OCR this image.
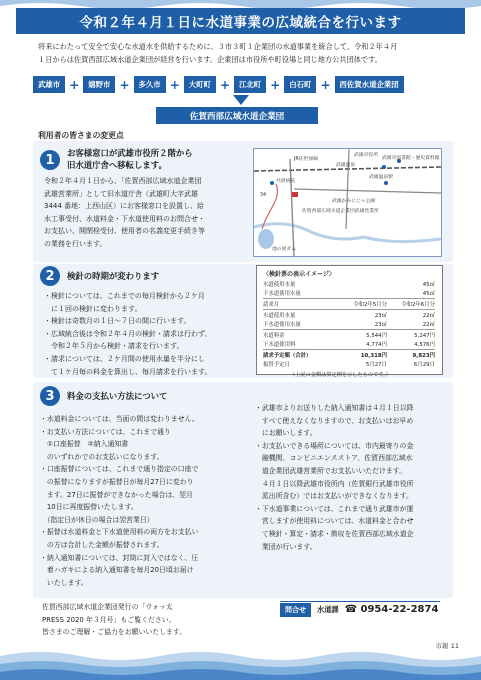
令和２年４月１日に水道事業の広域統合を行います
将来にわたって安全で安心な水道水を供給するために、３市３町１企業団の水道事業を統合して、令和２年４月
１日からは佐賀西部広域水道企業団が経営を行います。企業団は市役所や町役場と同じ地方公共団体です。
武雄市 +	嬉野市 +	多久市 +	大町町 +	江北町 +	白石町 +	西佐賀水道企業団
佐賀西部広域水道企業団
利用者の皆さまの変更点
1	お客様窓口が武雄市役所２階から
旧水道庁舎へ移転します。
令和２年４月１日から、「佐賀西部広域水道企業団
武雄営業所」として旧水道庁舎（武雄町大字武雄
3444 番地：上西山区）にお客様窓口を設置し、給
水工事受付、水道料金・下水道使用料のお問合せ・
お支払い、開閉栓受付、使用者の名義変更手続き等
の業務を行います。
JR佐世保線
武雄市役所
武雄市図書館・歴史資料館
武雄温泉駅
武雄温泉
共済病院
武雄かみにじゃ公園
佐賀西部広域水道企業団武雄営業所
池の屋ダム
34
2	検針の時期が変わります
・検針については、これまでの毎月検針から２ケ月
　に１回の検針に変わります。
・検針は奇数月の１日～７日の間に行います。
・広域統合後は令和２年４月の検針・請求は行わず、
　令和２年５月から検針・請求を行います。
・請求については、２ケ月間の使用水量を半分にし
　て１ケ月毎の料金を算出し、毎月請求を行います。
〈検針票の表示イメージ〉
水道使用水量	45㎥
下水道使用水量	45㎥
請求月	令和2年5月分	令和2年6月分
水道使用水量	23㎥	22㎥
下水道使用水量	23㎥	22㎥
水道料金	5,544円	5,247円
下水道使用料	4,774円	4,576円
請求予定額（合計）	10,318円	9,823円
振替予定日	5月27日	6月29日
（上記の金額は算定例を示したものです。）
3	料金の支払い方法について
・水道料金については、当面の間は変わりません。
・お支払い方法については、これまで通り
　①口座振替　②納入通知書
　のいずれかでのお支払いになります。
・口座振替については、これまで通り指定の口座で
　の振替になりますが振替日が毎月27日に変わり
　ます。27日に振替ができなかった場合は、翌月
　10日に再度振替いたします。
　（指定日が休日の場合は翌営業日）
・振替は水道料金と下水道使用料の両方をお支払い
　の方は合計した金額が振替されます。
・納入通知書については、封筒に封入ではなく、圧
　着ハガキによる納入通知書を毎月20日頃お届け
　いたします。
・武雄市よりお送りした納入通知書は４月１日以降
　すべて使えなくなりますので、お支払いはお早め
　にお願いします。
・お支払いできる場所については、市内最寄りの金
　融機関、コンビニエンスストア、佐賀西部広域水
　道企業団武雄営業所でお支払いいただけます。
　４月１日以降武雄市役所内（佐賀銀行武雄市役所
　派出所含む）ではお支払いができなくなります。
・下水道事業については、これまで通り武雄市が運
　営しますが使用料については、水道料金と合わせ
　て検針・算定・請求・徴収を佐賀西部広域水道企
　業団が行います。
佐賀西部広域水道企業団発行の「ウォッ太
PRESS 2020 年３月号」もご覧ください。
皆さまのご理解・ご協力をお願いいたします。
問合せ	水道課 ☎ 0954-22-2874
市報 11
